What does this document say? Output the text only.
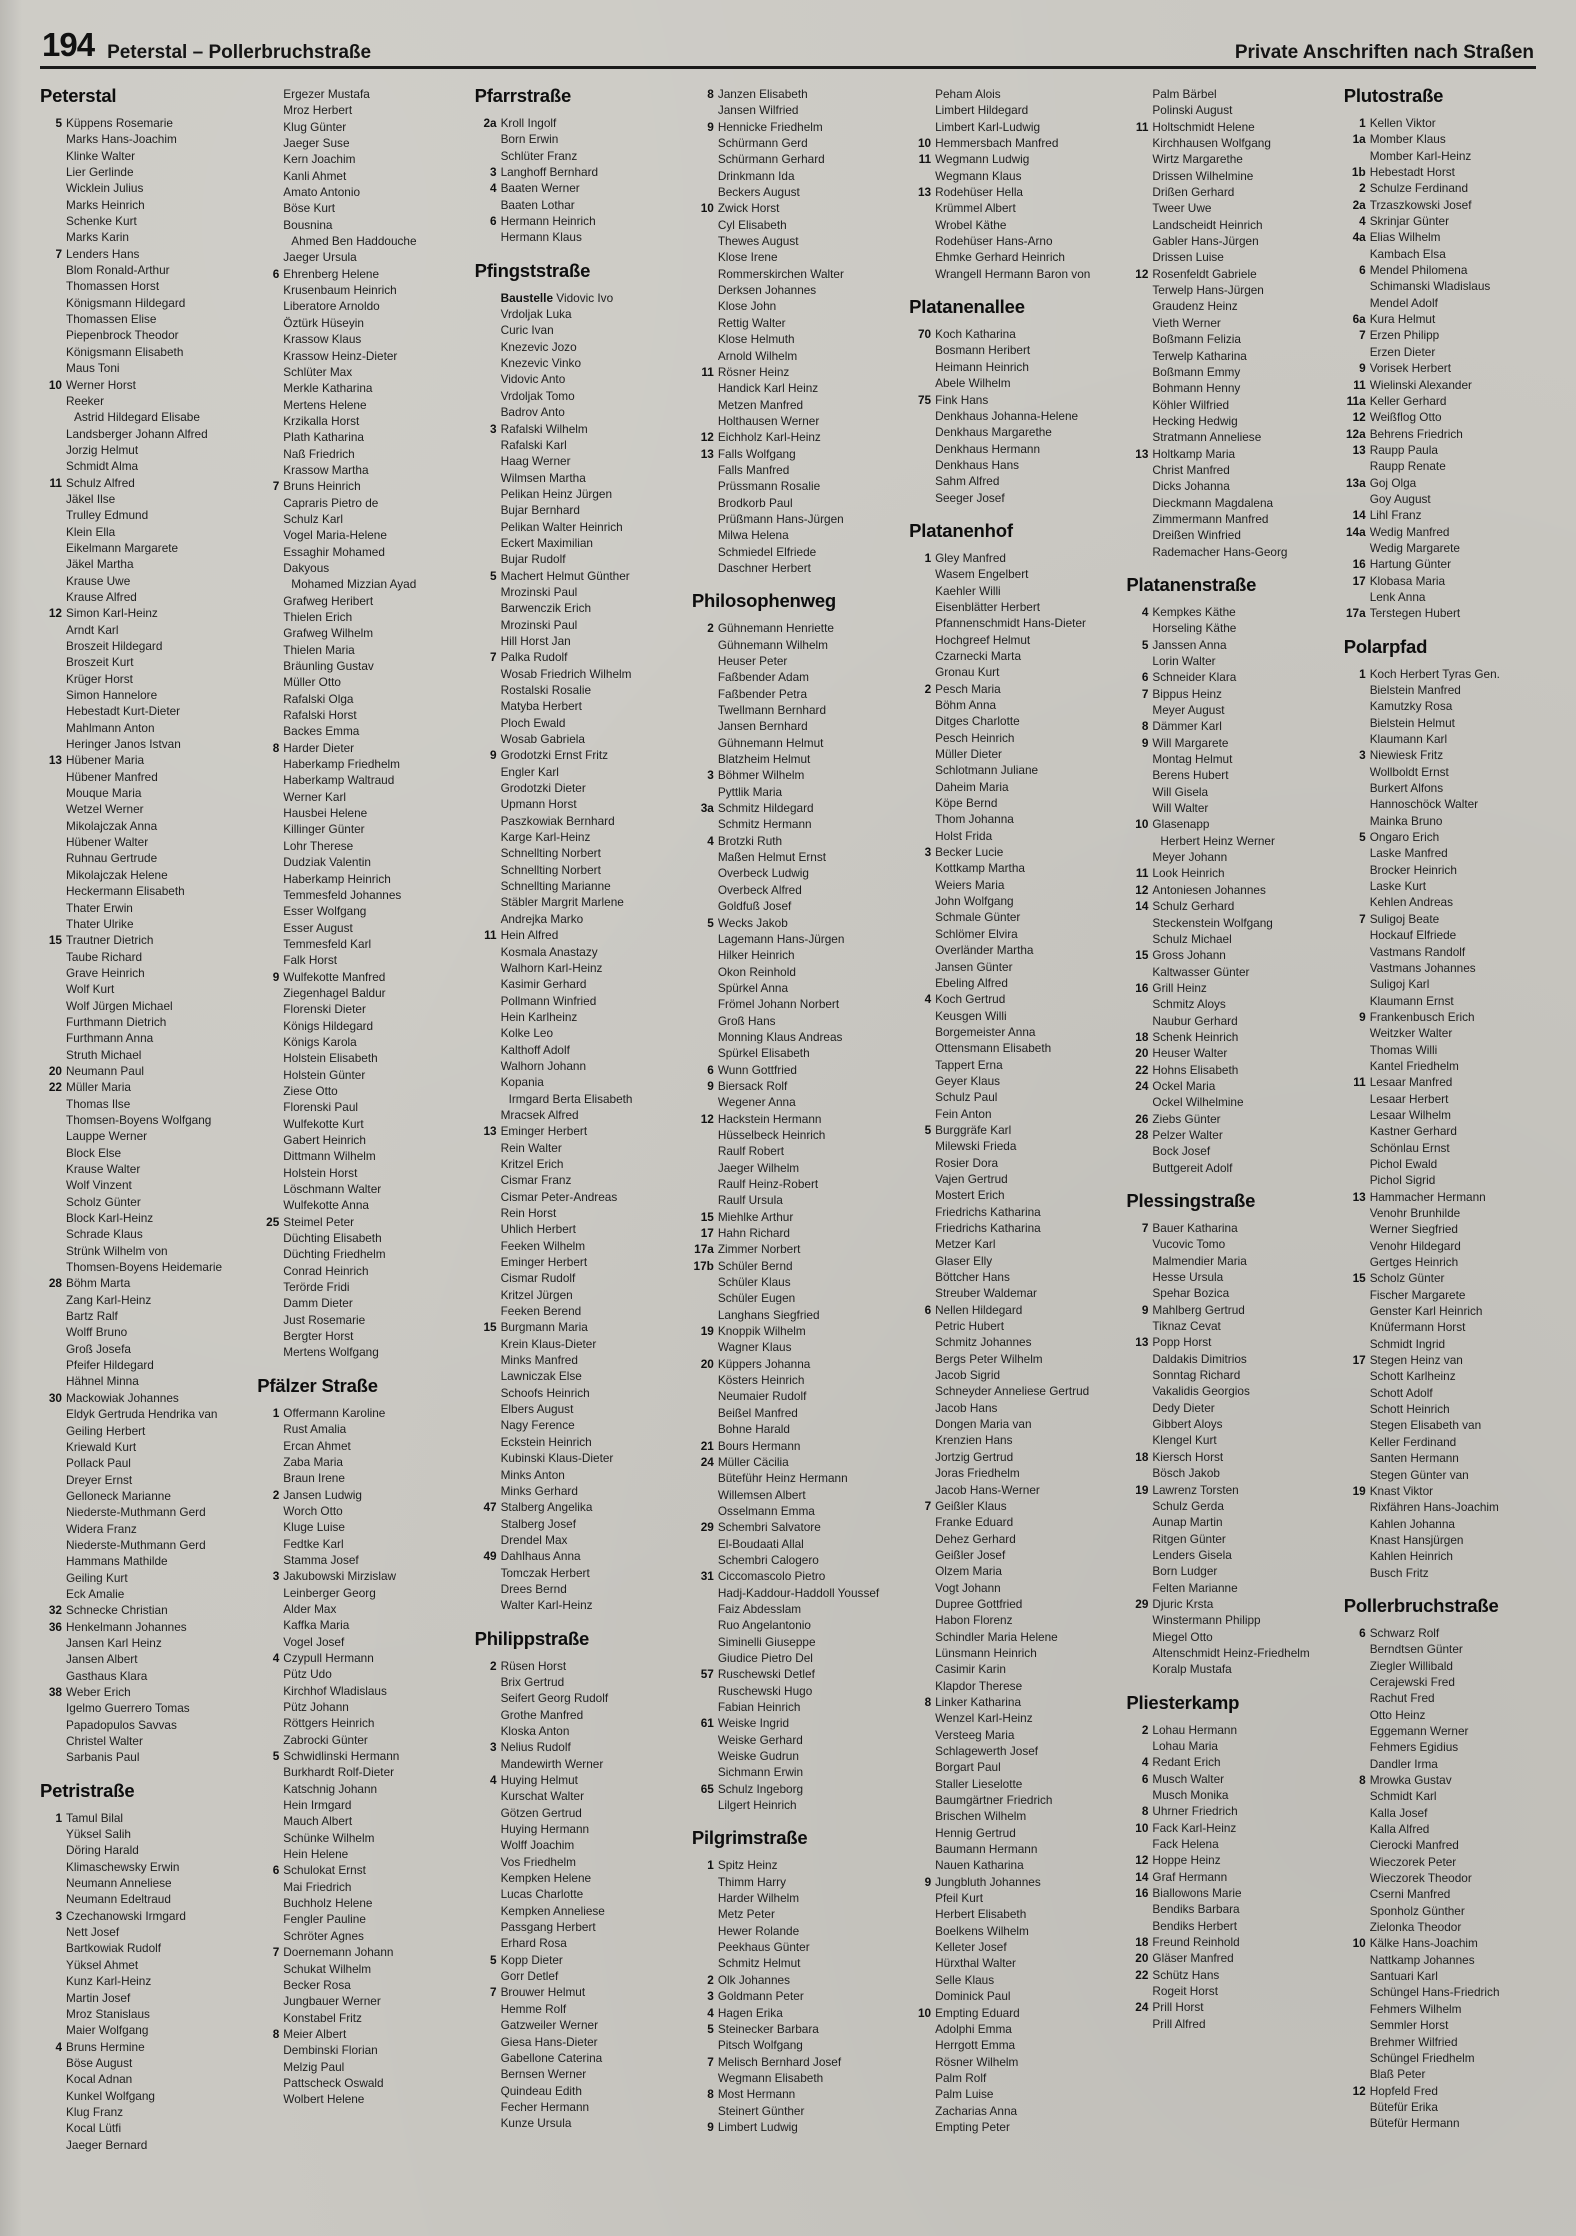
194 Peterstal – Pollerbruchstraße	Private Anschriften nach Straßen
Peterstal
5 Küppens Rosemarie
Marks Hans-Joachim
Klinke Walter
Lier Gerlinde
Wicklein Julius
Marks Heinrich
Schenke Kurt
Marks Karin
7 Lenders Hans
Blom Ronald-Arthur
Thomassen Horst
Königsmann Hildegard
Thomassen Elise
Piepenbrock Theodor
Königsmann Elisabeth
Maus Toni
10 Werner Horst
Reeker
Astrid Hildegard Elisabe
Landsberger Johann Alfred
Jorzig Helmut
Schmidt Alma
11 Schulz Alfred
Jäkel Ilse
Trulley Edmund
Klein Ella
Eikelmann Margarete
Jäkel Martha
Krause Uwe
Krause Alfred
12 Simon Karl-Heinz
Arndt Karl
Broszeit Hildegard
Broszeit Kurt
Krüger Horst
Simon Hannelore
Hebestadt Kurt-Dieter
Mahlmann Anton
Heringer Janos Istvan
13 Hübener Maria
Hübener Manfred
Mouque Maria
Wetzel Werner
Mikolajczak Anna
Hübener Walter
Ruhnau Gertrude
Mikolajczak Helene
Heckermann Elisabeth
Thater Erwin
Thater Ulrike
15 Trautner Dietrich
Taube Richard
Grave Heinrich
Wolf Kurt
Wolf Jürgen Michael
Furthmann Dietrich
Furthmann Anna
Struth Michael
20 Neumann Paul
22 Müller Maria
Thomas Ilse
Thomsen-Boyens Wolfgang
Lauppe Werner
Block Else
Krause Walter
Wolf Vinzent
Scholz Günter
Block Karl-Heinz
Schrade Klaus
Strünk Wilhelm von
Thomsen-Boyens Heidemarie
28 Böhm Marta
Zang Karl-Heinz
Bartz Ralf
Wolff Bruno
Groß Josefa
Pfeifer Hildegard
Hähnel Minna
30 Mackowiak Johannes
Eldyk Gertruda Hendrika van
Geiling Herbert
Kriewald Kurt
Pollack Paul
Dreyer Ernst
Gelloneck Marianne
Niederste-Muthmann Gerd
Widera Franz
Niederste-Muthmann Gerd
Hammans Mathilde
Geiling Kurt
Eck Amalie
32 Schnecke Christian
36 Henkelmann Johannes
Jansen Karl Heinz
Jansen Albert
Gasthaus Klara
38 Weber Erich
Igelmo Guerrero Tomas
Papadopulos Savvas
Christel Walter
Sarbanis Paul
Petristraße
1 Tamul Bilal
Yüksel Salih
Döring Harald
Klimaschewsky Erwin
Neumann Anneliese
Neumann Edeltraud
3 Czechanowski Irmgard
Nett Josef
Bartkowiak Rudolf
Yüksel Ahmet
Kunz Karl-Heinz
Martin Josef
Mroz Stanislaus
Maier Wolfgang
4 Bruns Hermine
Böse August
Kocal Adnan
Kunkel Wolfgang
Klug Franz
Kocal Lütfi
Jaeger Bernard
Ergezer Mustafa
Mroz Herbert
Klug Günter
Jaeger Suse
Kern Joachim
Kanli Ahmet
Amato Antonio
Böse Kurt
Bousnina
Ahmed Ben Haddouche
Jaeger Ursula
6 Ehrenberg Helene
Krusenbaum Heinrich
Liberatore Arnoldo
Öztürk Hüseyin
Krassow Klaus
Krassow Heinz-Dieter
Schlüter Max
Merkle Katharina
Mertens Helene
Krzikalla Horst
Plath Katharina
Naß Friedrich
Krassow Martha
7 Bruns Heinrich
Capraris Pietro de
Schulz Karl
Vogel Maria-Helene
Essaghir Mohamed
Dakyous
Mohamed Mizzian Ayad
Grafweg Heribert
Thielen Erich
Grafweg Wilhelm
Thielen Maria
Bräunling Gustav
Müller Otto
Rafalski Olga
Rafalski Horst
Backes Emma
8 Harder Dieter
Haberkamp Friedhelm
Haberkamp Waltraud
Werner Karl
Hausbei Helene
Killinger Günter
Lohr Therese
Dudziak Valentin
Haberkamp Heinrich
Temmesfeld Johannes
Esser Wolfgang
Esser August
Temmesfeld Karl
Falk Horst
9 Wulfekotte Manfred
Ziegenhagel Baldur
Florenski Dieter
Königs Hildegard
Königs Karola
Holstein Elisabeth
Holstein Günter
Ziese Otto
Florenski Paul
Wulfekotte Kurt
Gabert Heinrich
Dittmann Wilhelm
Holstein Horst
Löschmann Walter
Wulfekotte Anna
25 Steimel Peter
Düchting Elisabeth
Düchting Friedhelm
Conrad Heinrich
Terörde Fridi
Damm Dieter
Just Rosemarie
Bergter Horst
Mertens Wolfgang
Pfälzer Straße
1 Offermann Karoline
Rust Amalia
Ercan Ahmet
Zaba Maria
Braun Irene
2 Jansen Ludwig
Worch Otto
Kluge Luise
Fedtke Karl
Stamma Josef
3 Jakubowski Mirzislaw
Leinberger Georg
Alder Max
Kaffka Maria
Vogel Josef
4 Czypull Hermann
Pütz Udo
Kirchhof Wladislaus
Pütz Johann
Röttgers Heinrich
Zabrocki Günter
5 Schwidlinski Hermann
Burkhardt Rolf-Dieter
Katschnig Johann
Hein Irmgard
Mauch Albert
Schünke Wilhelm
Hein Helene
6 Schulokat Ernst
Mai Friedrich
Buchholz Helene
Fengler Pauline
Schröter Agnes
7 Doernemann Johann
Schukat Wilhelm
Becker Rosa
Jungbauer Werner
Konstabel Fritz
8 Meier Albert
Dembinski Florian
Melzig Paul
Pattscheck Oswald
Wolbert Helene
Pfarrstraße
2a Kroll Ingolf
Born Erwin
Schlüter Franz
3 Langhoff Bernhard
4 Baaten Werner
Baaten Lothar
6 Hermann Heinrich
Hermann Klaus
Pfingststraße
Baustelle Vidovic Ivo
Vrdoljak Luka
Curic Ivan
Knezevic Jozo
Knezevic Vinko
Vidovic Anto
Vrdoljak Tomo
Badrov Anto
3 Rafalski Wilhelm
Rafalski Karl
Haag Werner
Wilmsen Martha
Pelikan Heinz Jürgen
Bujar Bernhard
Pelikan Walter Heinrich
Eckert Maximilian
Bujar Rudolf
5 Machert Helmut Günther
Mrozinski Paul
Barwenczik Erich
Mrozinski Paul
Hill Horst Jan
7 Palka Rudolf
Wosab Friedrich Wilhelm
Rostalski Rosalie
Matyba Herbert
Ploch Ewald
Wosab Gabriela
9 Grodotzki Ernst Fritz
Engler Karl
Grodotzki Dieter
Upmann Horst
Paszkowiak Bernhard
Karge Karl-Heinz
Schnellting Norbert
Schnellting Norbert
Schnellting Marianne
Stäbler Margrit Marlene
Andrejka Marko
11 Hein Alfred
Kosmala Anastazy
Walhorn Karl-Heinz
Kasimir Gerhard
Pollmann Winfried
Hein Karlheinz
Kolke Leo
Kalthoff Adolf
Walhorn Johann
Kopania
Irmgard Berta Elisabeth
Mracsek Alfred
13 Eminger Herbert
Rein Walter
Kritzel Erich
Cismar Franz
Cismar Peter-Andreas
Rein Horst
Uhlich Herbert
Feeken Wilhelm
Eminger Herbert
Cismar Rudolf
Kritzel Jürgen
Feeken Berend
15 Burgmann Maria
Krein Klaus-Dieter
Minks Manfred
Lawniczak Else
Schoofs Heinrich
Elbers August
Nagy Ference
Eckstein Heinrich
Kubinski Klaus-Dieter
Minks Anton
Minks Gerhard
47 Stalberg Angelika
Stalberg Josef
Drendel Max
49 Dahlhaus Anna
Tomczak Herbert
Drees Bernd
Walter Karl-Heinz
Philippstraße
2 Rüsen Horst
Brix Gertrud
Seifert Georg Rudolf
Grothe Manfred
Kloska Anton
3 Nelius Rudolf
Mandewirth Werner
4 Huying Helmut
Kurschat Walter
Götzen Gertrud
Huying Hermann
Wolff Joachim
Vos Friedhelm
Kempken Helene
Lucas Charlotte
Kempken Anneliese
Passgang Herbert
Erhard Rosa
5 Kopp Dieter
Gorr Detlef
7 Brouwer Helmut
Hemme Rolf
Gatzweiler Werner
Giesa Hans-Dieter
Gabellone Caterina
Bernsen Werner
Quindeau Edith
Fecher Hermann
Kunze Ursula
8 Janzen Elisabeth
Jansen Wilfried
9 Hennicke Friedhelm
Schürmann Gerd
Schürmann Gerhard
Drinkmann Ida
Beckers August
10 Zwick Horst
Cyl Elisabeth
Thewes August
Klose Irene
Rommerskirchen Walter
Derksen Johannes
Klose John
Rettig Walter
Klose Helmuth
Arnold Wilhelm
11 Rösner Heinz
Handick Karl Heinz
Metzen Manfred
Holthausen Werner
12 Eichholz Karl-Heinz
13 Falls Wolfgang
Falls Manfred
Prüssmann Rosalie
Brodkorb Paul
Prüßmann Hans-Jürgen
Milwa Helena
Schmiedel Elfriede
Daschner Herbert
Philosophenweg
2 Gühnemann Henriette
Gühnemann Wilhelm
Heuser Peter
Faßbender Adam
Faßbender Petra
Twellmann Bernhard
Jansen Bernhard
Gühnemann Helmut
Blatzheim Helmut
3 Böhmer Wilhelm
Pyttlik Maria
3a Schmitz Hildegard
Schmitz Hermann
4 Brotzki Ruth
Maßen Helmut Ernst
Overbeck Ludwig
Overbeck Alfred
Goldfuß Josef
5 Wecks Jakob
Lagemann Hans-Jürgen
Hilker Heinrich
Okon Reinhold
Spürkel Anna
Frömel Johann Norbert
Groß Hans
Monning Klaus Andreas
Spürkel Elisabeth
6 Wunn Gottfried
9 Biersack Rolf
Wegener Anna
12 Hackstein Hermann
Hüsselbeck Heinrich
Raulf Robert
Jaeger Wilhelm
Raulf Heinz-Robert
Raulf Ursula
15 Miehlke Arthur
17 Hahn Richard
17a Zimmer Norbert
17b Schüler Bernd
Schüler Klaus
Schüler Eugen
Langhans Siegfried
19 Knoppik Wilhelm
Wagner Klaus
20 Küppers Johanna
Kösters Heinrich
Neumaier Rudolf
Beißel Manfred
Bohne Harald
21 Bours Hermann
24 Müller Cäcilia
Büteführ Heinz Hermann
Willemsen Albert
Osselmann Emma
29 Schembri Salvatore
El-Boudaati Allal
Schembri Calogero
31 Ciccomascolo Pietro
Hadj-Kaddour-Haddoll Youssef
Faiz Abdesslam
Ruo Angelantonio
Siminelli Giuseppe
Giudice Pietro Del
57 Ruschewski Detlef
Ruschewski Hugo
Fabian Heinrich
61 Weiske Ingrid
Weiske Gerhard
Weiske Gudrun
Sichmann Erwin
65 Schulz Ingeborg
Lilgert Heinrich
Pilgrimstraße
1 Spitz Heinz
Thimm Harry
Harder Wilhelm
Metz Peter
Hewer Rolande
Peekhaus Günter
Schmitz Helmut
2 Olk Johannes
3 Goldmann Peter
4 Hagen Erika
5 Steinecker Barbara
Pitsch Wolfgang
7 Melisch Bernhard Josef
Wegmann Elisabeth
8 Most Hermann
Steinert Günther
9 Limbert Ludwig
Peham Alois
Limbert Hildegard
Limbert Karl-Ludwig
10 Hemmersbach Manfred
11 Wegmann Ludwig
Wegmann Klaus
13 Rodehüser Hella
Krümmel Albert
Wrobel Käthe
Rodehüser Hans-Arno
Ehmke Gerhard Heinrich
Wrangell Hermann Baron von
Platanenallee
70 Koch Katharina
Bosmann Heribert
Heimann Heinrich
Abele Wilhelm
75 Fink Hans
Denkhaus Johanna-Helene
Denkhaus Margarethe
Denkhaus Hermann
Denkhaus Hans
Sahm Alfred
Seeger Josef
Platanenhof
1 Gley Manfred
Wasem Engelbert
Kaehler Willi
Eisenblätter Herbert
Pfannenschmidt Hans-Dieter
Hochgreef Helmut
Czarnecki Marta
Gronau Kurt
2 Pesch Maria
Böhm Anna
Ditges Charlotte
Pesch Heinrich
Müller Dieter
Schlotmann Juliane
Daheim Maria
Köpe Bernd
Thom Johanna
Holst Frida
3 Becker Lucie
Kottkamp Martha
Weiers Maria
John Wolfgang
Schmale Günter
Schlömer Elvira
Overländer Martha
Jansen Günter
Ebeling Alfred
4 Koch Gertrud
Keusgen Willi
Borgemeister Anna
Ottensmann Elisabeth
Tappert Erna
Geyer Klaus
Schulz Paul
Fein Anton
5 Burggräfe Karl
Milewski Frieda
Rosier Dora
Vajen Gertrud
Mostert Erich
Friedrichs Katharina
Friedrichs Katharina
Metzer Karl
Glaser Elly
Böttcher Hans
Streuber Waldemar
6 Nellen Hildegard
Petric Hubert
Schmitz Johannes
Bergs Peter Wilhelm
Jacob Sigrid
Schneyder Anneliese Gertrud
Jacob Hans
Dongen Maria van
Krenzien Hans
Jortzig Gertrud
Joras Friedhelm
Jacob Hans-Werner
7 Geißler Klaus
Franke Eduard
Dehez Gerhard
Geißler Josef
Olzem Maria
Vogt Johann
Dupree Gottfried
Habon Florenz
Schindler Maria Helene
Lünsmann Heinrich
Casimir Karin
Klapdor Therese
8 Linker Katharina
Wenzel Karl-Heinz
Versteeg Maria
Schlagewerth Josef
Borgart Paul
Staller Lieselotte
Baumgärtner Friedrich
Brischen Wilhelm
Hennig Gertrud
Baumann Hermann
Nauen Katharina
9 Jungbluth Johannes
Pfeil Kurt
Herbert Elisabeth
Boelkens Wilhelm
Kelleter Josef
Hürxthal Walter
Selle Klaus
Dominick Paul
10 Empting Eduard
Adolphi Emma
Herrgott Emma
Rösner Wilhelm
Palm Rolf
Palm Luise
Zacharias Anna
Empting Peter
Palm Bärbel
Polinski August
11 Holtschmidt Helene
Kirchhausen Wolfgang
Wirtz Margarethe
Drissen Wilhelmine
Drißen Gerhard
Tweer Uwe
Landscheidt Heinrich
Gabler Hans-Jürgen
Drissen Luise
12 Rosenfeldt Gabriele
Terwelp Hans-Jürgen
Graudenz Heinz
Vieth Werner
Boßmann Felizia
Terwelp Katharina
Boßmann Emmy
Bohmann Henny
Köhler Wilfried
Hecking Hedwig
Stratmann Anneliese
13 Holtkamp Maria
Christ Manfred
Dicks Johanna
Dieckmann Magdalena
Zimmermann Manfred
Dreißen Winfried
Rademacher Hans-Georg
Platanenstraße
4 Kempkes Käthe
Horseling Käthe
5 Janssen Anna
Lorin Walter
6 Schneider Klara
7 Bippus Heinz
Meyer August
8 Dämmer Karl
9 Will Margarete
Montag Helmut
Berens Hubert
Will Gisela
Will Walter
10 Glasenapp
Herbert Heinz Werner
Meyer Johann
11 Look Heinrich
12 Antoniesen Johannes
14 Schulz Gerhard
Steckenstein Wolfgang
Schulz Michael
15 Gross Johann
Kaltwasser Günter
16 Grill Heinz
Schmitz Aloys
Naubur Gerhard
18 Schenk Heinrich
20 Heuser Walter
22 Hohns Elisabeth
24 Ockel Maria
Ockel Wilhelmine
26 Ziebs Günter
28 Pelzer Walter
Bock Josef
Buttgereit Adolf
Plessingstraße
7 Bauer Katharina
Vucovic Tomo
Malmendier Maria
Hesse Ursula
Spehar Bozica
9 Mahlberg Gertrud
Tiknaz Cevat
13 Popp Horst
Daldakis Dimitrios
Sonntag Richard
Vakalidis Georgios
Dedy Dieter
Gibbert Aloys
Klengel Kurt
18 Kiersch Horst
Bösch Jakob
19 Lawrenz Torsten
Schulz Gerda
Aunap Martin
Ritgen Günter
Lenders Gisela
Born Ludger
Felten Marianne
29 Djuric Krsta
Winstermann Philipp
Miegel Otto
Altenschmidt Heinz-Friedhelm
Koralp Mustafa
Pliesterkamp
2 Lohau Hermann
Lohau Maria
4 Redant Erich
6 Musch Walter
Musch Monika
8 Uhrner Friedrich
10 Fack Karl-Heinz
Fack Helena
12 Hoppe Heinz
14 Graf Hermann
16 Biallowons Marie
Bendiks Barbara
Bendiks Herbert
18 Freund Reinhold
20 Gläser Manfred
22 Schütz Hans
Rogeit Horst
24 Prill Horst
Prill Alfred
Plutostraße
1 Kellen Viktor
1a Momber Klaus
Momber Karl-Heinz
1b Hebestadt Horst
2 Schulze Ferdinand
2a Trzaszkowski Josef
4 Skrinjar Günter
4a Elias Wilhelm
Kambach Elsa
6 Mendel Philomena
Schimanski Wladislaus
Mendel Adolf
6a Kura Helmut
7 Erzen Philipp
Erzen Dieter
9 Vorisek Herbert
11 Wielinski Alexander
11a Keller Gerhard
12 Weißflog Otto
12a Behrens Friedrich
13 Raupp Paula
Raupp Renate
13a Goj Olga
Goy August
14 Lihl Franz
14a Wedig Manfred
Wedig Margarete
16 Hartung Günter
17 Klobasa Maria
Lenk Anna
17a Terstegen Hubert
Polarpfad
1 Koch Herbert Tyras Gen.
Bielstein Manfred
Kamutzky Rosa
Bielstein Helmut
Klaumann Karl
3 Niewiesk Fritz
Wollboldt Ernst
Burkert Alfons
Hannoschöck Walter
Mainka Bruno
5 Ongaro Erich
Laske Manfred
Brocker Heinrich
Laske Kurt
Kehlen Andreas
7 Suligoj Beate
Hockauf Elfriede
Vastmans Randolf
Vastmans Johannes
Suligoj Karl
Klaumann Ernst
9 Frankenbusch Erich
Weitzker Walter
Thomas Willi
Kantel Friedhelm
11 Lesaar Manfred
Lesaar Herbert
Lesaar Wilhelm
Kastner Gerhard
Schönlau Ernst
Pichol Ewald
Pichol Sigrid
13 Hammacher Hermann
Venohr Brunhilde
Werner Siegfried
Venohr Hildegard
Gertges Heinrich
15 Scholz Günter
Fischer Margarete
Genster Karl Heinrich
Knüfermann Horst
Schmidt Ingrid
17 Stegen Heinz van
Schott Karlheinz
Schott Adolf
Schott Heinrich
Stegen Elisabeth van
Keller Ferdinand
Santen Hermann
Stegen Günter van
19 Knast Viktor
Rixfähren Hans-Joachim
Kahlen Johanna
Knast Hansjürgen
Kahlen Heinrich
Busch Fritz
Pollerbruchstraße
6 Schwarz Rolf
Berndtsen Günter
Ziegler Willibald
Cerajewski Fred
Rachut Fred
Otto Heinz
Eggemann Werner
Fehmers Egidius
Dandler Irma
8 Mrowka Gustav
Schmidt Karl
Kalla Josef
Kalla Alfred
Cierocki Manfred
Wieczorek Peter
Wieczorek Theodor
Cserni Manfred
Sponholz Günther
Zielonka Theodor
10 Kälke Hans-Joachim
Nattkamp Johannes
Santuari Karl
Schüngel Hans-Friedrich
Fehmers Wilhelm
Semmler Horst
Brehmer Wilfried
Schüngel Friedhelm
Blaß Peter
12 Hopfeld Fred
Bütefür Erika
Bütefür Hermann
